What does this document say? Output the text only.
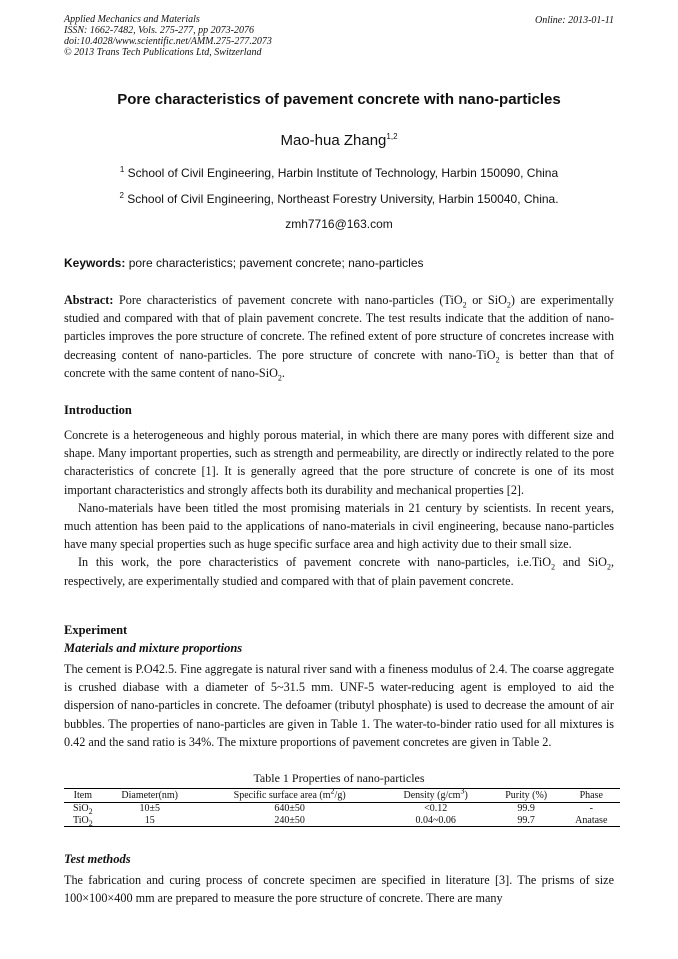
Applied Mechanics and Materials
ISSN: 1662-7482, Vols. 275-277, pp 2073-2076
doi:10.4028/www.scientific.net/AMM.275-277.2073
© 2013 Trans Tech Publications Ltd, Switzerland
Online: 2013-01-11
Pore characteristics of pavement concrete with nano-particles
Mao-hua Zhang$^{1,2}$
$^1$ School of Civil Engineering, Harbin Institute of Technology, Harbin 150090, China
$^2$ School of Civil Engineering, Northeast Forestry University, Harbin 150040, China.
zmh7716@163.com
Keywords: pore characteristics; pavement concrete; nano-particles
Abstract: Pore characteristics of pavement concrete with nano-particles (TiO$_2$ or SiO$_2$) are experimentally studied and compared with that of plain pavement concrete. The test results indicate that the addition of nano-particles improves the pore structure of concrete. The refined extent of pore structure of concretes increase with decreasing content of nano-particles. The pore structure of concrete with nano-TiO$_2$ is better than that of concrete with the same content of nano-SiO$_2$.
Introduction
Concrete is a heterogeneous and highly porous material, in which there are many pores with different size and shape. Many important properties, such as strength and permeability, are directly or indirectly related to the pore characteristics of concrete [1]. It is generally agreed that the pore structure of concrete is one of its most important characteristics and strongly affects both its durability and mechanical properties [2].
Nano-materials have been titled the most promising materials in 21 century by scientists. In recent years, much attention has been paid to the applications of nano-materials in civil engineering, because nano-particles have many special properties such as huge specific surface area and high activity due to their small size.
In this work, the pore characteristics of pavement concrete with nano-particles, i.e.TiO$_2$ and SiO$_2$, respectively, are experimentally studied and compared with that of plain pavement concrete.
Experiment
Materials and mixture proportions
The cement is P.O42.5. Fine aggregate is natural river sand with a fineness modulus of 2.4. The coarse aggregate is crushed diabase with a diameter of 5~31.5 mm. UNF-5 water-reducing agent is employed to aid the dispersion of nano-particles in concrete. The defoamer (tributyl phosphate) is used to decrease the amount of air bubbles. The properties of nano-particles are given in Table 1. The water-to-binder ratio used for all mixtures is 0.42 and the sand ratio is 34%. The mixture proportions of pavement concretes are given in Table 2.
Table 1 Properties of nano-particles
Item	Diameter(nm)	Specific surface area $(m^2/g)$	Density $(g/cm^3)$	Purity (%)	Phase
SiO$_2$	10±5	640±50	<0.12	99.9	-
TiO$_2$	15	240±50	0.04~0.06	99.7	Anatase
Test methods
The fabrication and curing process of concrete specimen are specified in literature [3]. The prisms of size 100×100×400 mm are prepared to measure the pore structure of concrete. There are many
